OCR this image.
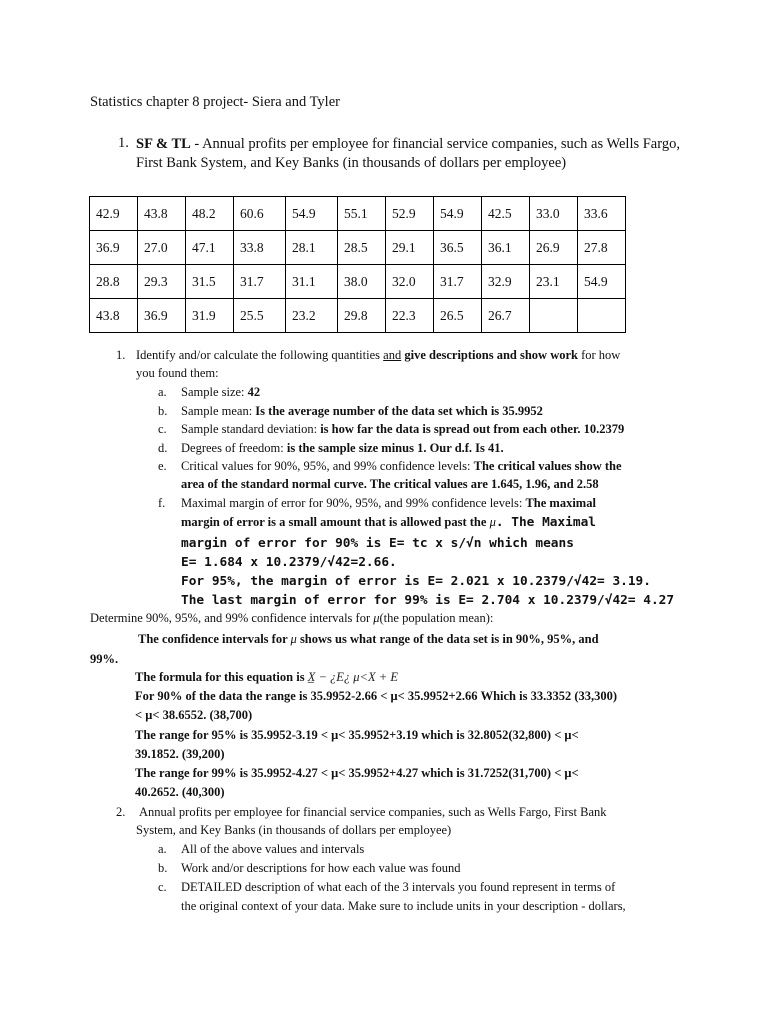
Statistics chapter 8 project- Siera and Tyler
1. SF & TL - Annual profits per employee for financial service companies, such as Wells Fargo, First Bank System, and Key Banks (in thousands of dollars per employee)
42.9	43.8	48.2	60.6	54.9	55.1	52.9	54.9	42.5	33.0	33.6
36.9	27.0	47.1	33.8	28.1	28.5	29.1	36.5	36.1	26.9	27.8
28.8	29.3	31.5	31.7	31.1	38.0	32.0	31.7	32.9	23.1	54.9
43.8	36.9	31.9	25.5	23.2	29.8	22.3	26.5	26.7		
1. Identify and/or calculate the following quantities and give descriptions and show work for how
you found them:
a. Sample size: 42
b. Sample mean: Is the average number of the data set which is 35.9952
c. Sample standard deviation: is how far the data is spread out from each other. 10.2379
d. Degrees of freedom: is the sample size minus 1. Our d.f. Is 41.
e. Critical values for 90%, 95%, and 99% confidence levels: The critical values show the
area of the standard normal curve. The critical values are 1.645, 1.96, and 2.58
f. Maximal margin of error for 90%, 95%, and 99% confidence levels: The maximal
margin of error is a small amount that is allowed past the μ. The Maximal
margin of error for 90% is E= tc x s/√n which means
E= 1.684 x 10.2379/√42=2.66.
For 95%, the margin of error is E= 2.021 x 10.2379/√42= 3.19.
The last margin of error for 99% is E= 2.704 x 10.2379/√42= 4.27
Determine 90%, 95%, and 99% confidence intervals for μ(the population mean):
The confidence intervals for μ shows us what range of the data set is in 90%, 95%, and
99%.
The formula for this equation is X̲ − ¿E¿ μ<X + E
For 90% of the data the range is 35.9952-2.66 < μ< 35.9952+2.66 Which is 33.3352 (33,300)
< μ< 38.6552. (38,700)
The range for 95% is 35.9952-3.19 < μ< 35.9952+3.19 which is 32.8052(32,800) < μ<
39.1852. (39,200)
The range for 99% is 35.9952-4.27 < μ< 35.9952+4.27 which is 31.7252(31,700) < μ<
40.2652. (40,300)
2. Annual profits per employee for financial service companies, such as Wells Fargo, First Bank
System, and Key Banks (in thousands of dollars per employee)
a. All of the above values and intervals
b. Work and/or descriptions for how each value was found
c. DETAILED description of what each of the 3 intervals you found represent in terms of
the original context of your data. Make sure to include units in your description - dollars,
